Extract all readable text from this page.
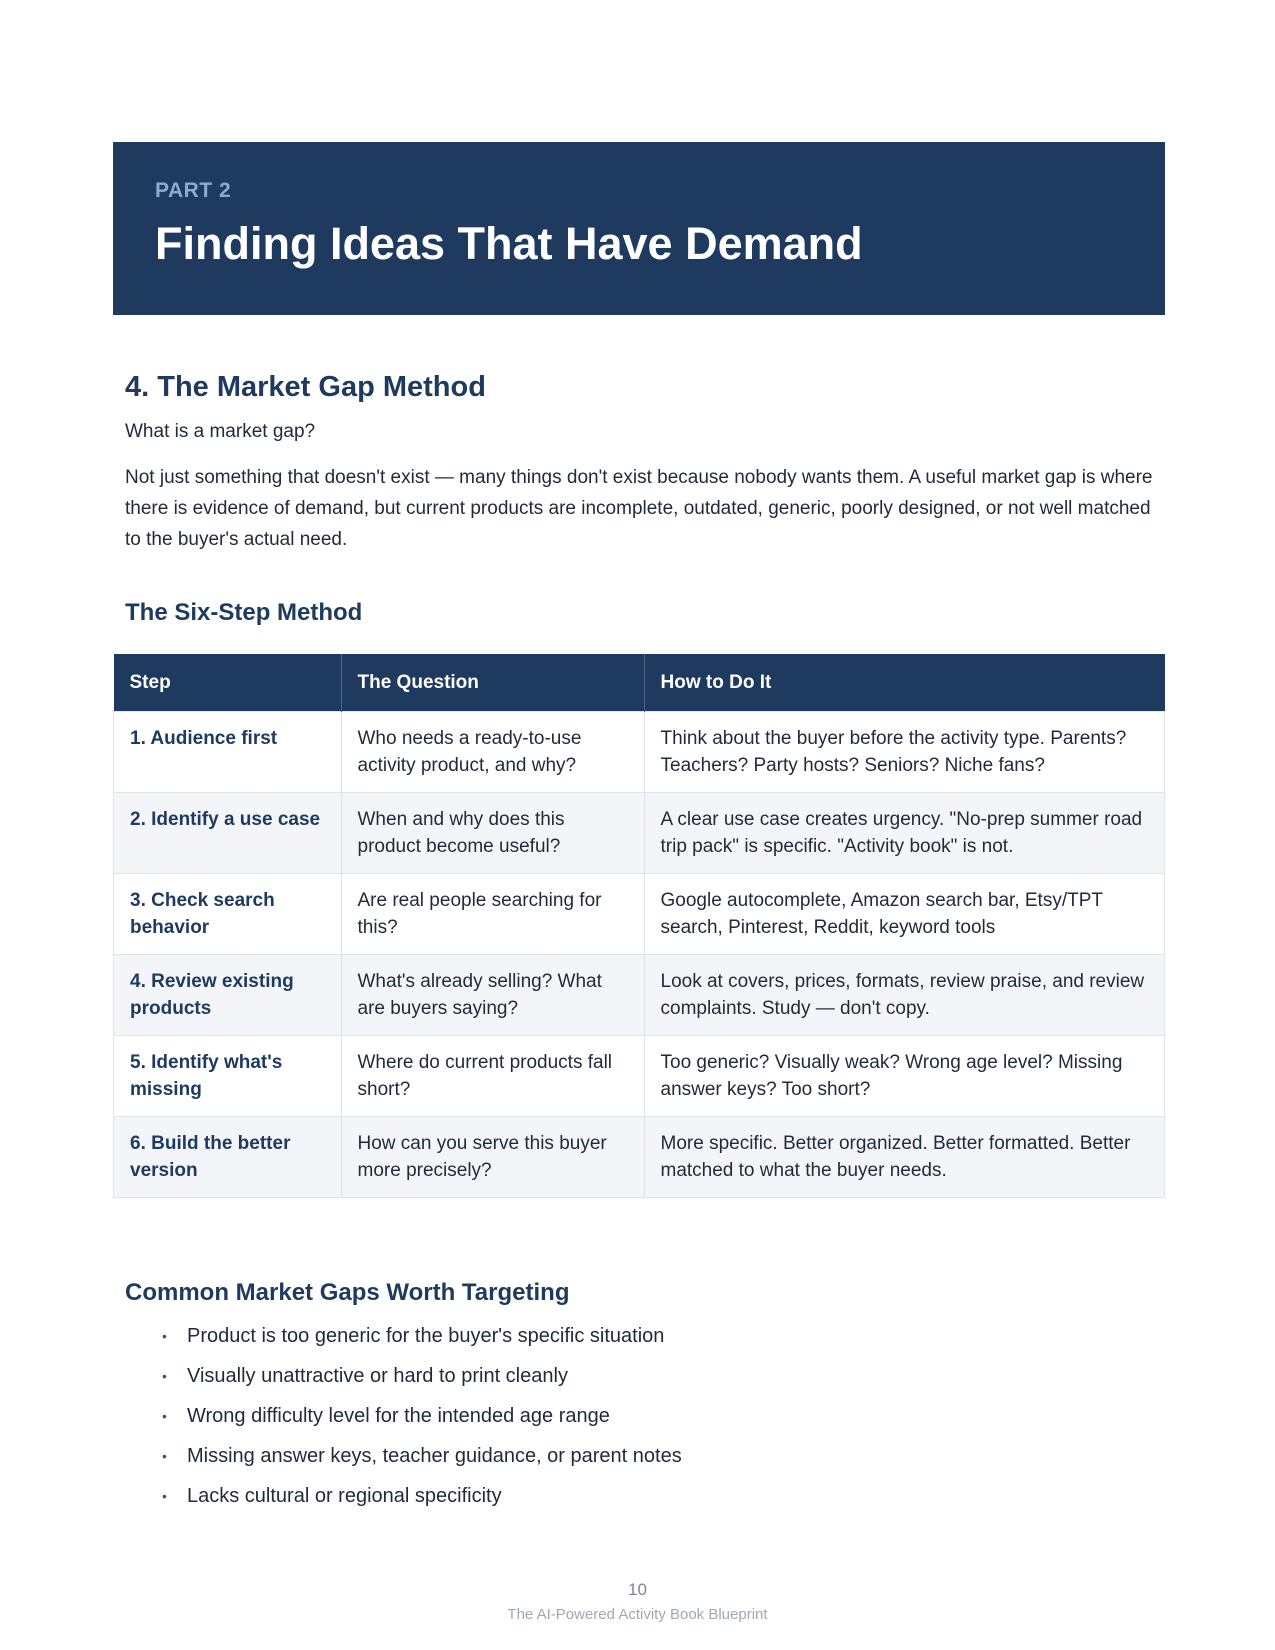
PART 2
Finding Ideas That Have Demand
4. The Market Gap Method
What is a market gap?
Not just something that doesn't exist — many things don't exist because nobody wants them. A useful market gap is where there is evidence of demand, but current products are incomplete, outdated, generic, poorly designed, or not well matched to the buyer's actual need.
The Six-Step Method
Step	The Question	How to Do It
1. Audience first	Who needs a ready-to-use activity product, and why?	Think about the buyer before the activity type. Parents? Teachers? Party hosts? Seniors? Niche fans?
2. Identify a use case	When and why does this product become useful?	A clear use case creates urgency. "No-prep summer road trip pack" is specific. "Activity book" is not.
3. Check search behavior	Are real people searching for this?	Google autocomplete, Amazon search bar, Etsy/TPT search, Pinterest, Reddit, keyword tools
4. Review existing products	What's already selling? What are buyers saying?	Look at covers, prices, formats, review praise, and review complaints. Study — don't copy.
5. Identify what's missing	Where do current products fall short?	Too generic? Visually weak? Wrong age level? Missing answer keys? Too short?
6. Build the better version	How can you serve this buyer more precisely?	More specific. Better organized. Better formatted. Better matched to what the buyer needs.
Common Market Gaps Worth Targeting
• Product is too generic for the buyer's specific situation
• Visually unattractive or hard to print cleanly
• Wrong difficulty level for the intended age range
• Missing answer keys, teacher guidance, or parent notes
• Lacks cultural or regional specificity
10
The AI-Powered Activity Book Blueprint
